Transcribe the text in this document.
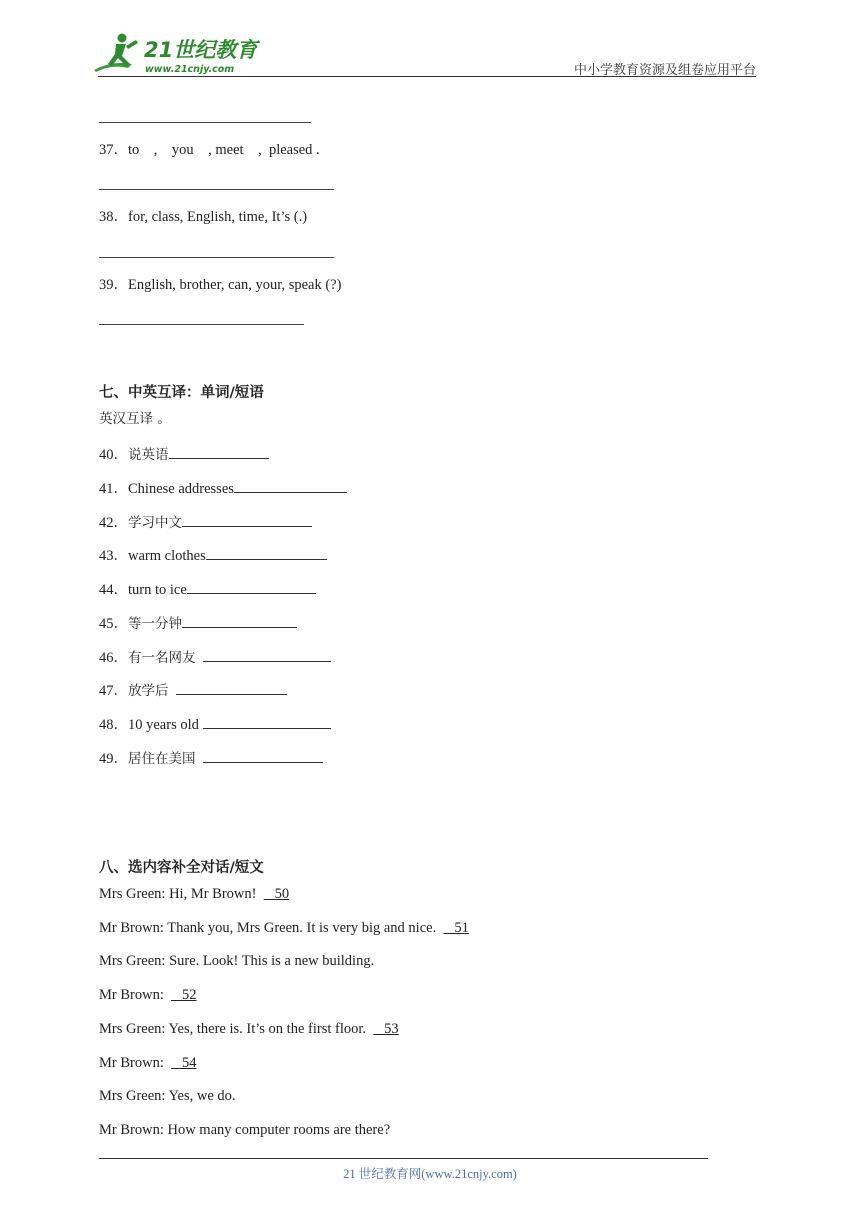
21世纪教育
www.21cnjy.com	中小学教育资源及组卷应用平台
37．to    ,    you    , meet    ,  pleased .
38．for, class, English, time, It’s (.)
39．English, brother, can, your, speak (?)
七、中英互译：单词/短语
英汉互译 。
40．说英语
41．Chinese addresses
42．学习中文
43．warm clothes
44．turn to ice
45．等一分钟
46．有一名网友
47．放学后
48．10 years old
49．居住在美国
八、选内容补全对话/短文
Mrs Green: Hi, Mr Brown!     50
Mr Brown: Thank you, Mrs Green. It is very big and nice.     51
Mrs Green: Sure. Look! This is a new building.
Mr Brown:     52
Mrs Green: Yes, there is. It’s on the first floor.     53
Mr Brown:     54
Mrs Green: Yes, we do.
Mr Brown: How many computer rooms are there?
21 世纪教育网(www.21cnjy.com)
